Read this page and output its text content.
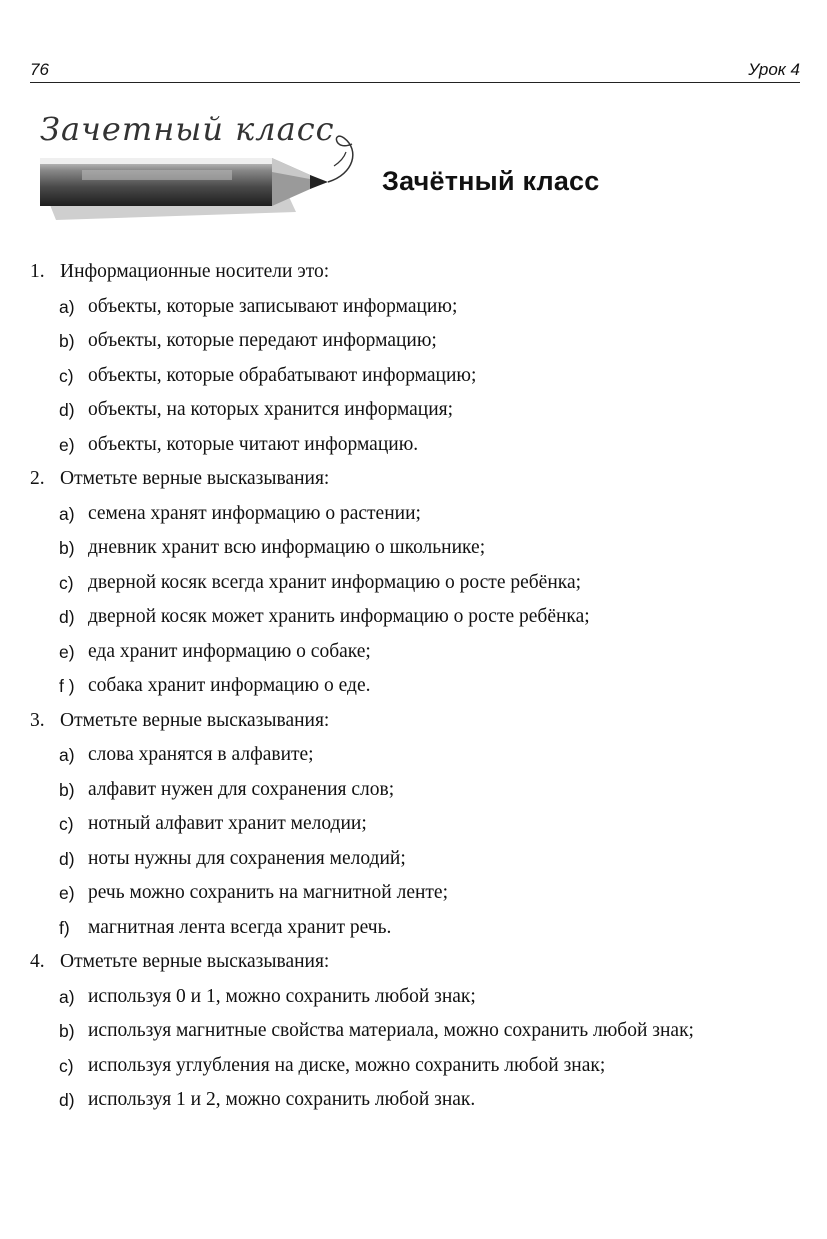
76	Урок 4
Зачетный класс
Зачётный класс
1. Информационные носители это:
a) объекты, которые записывают информацию;
b) объекты, которые передают информацию;
c) объекты, которые обрабатывают информацию;
d) объекты, на которых хранится информация;
e) объекты, которые читают информацию.
2. Отметьте верные высказывания:
a) семена хранят информацию о растении;
b) дневник хранит всю информацию о школьнике;
c) дверной косяк всегда хранит информацию о росте ребёнка;
d) дверной косяк может хранить информацию о росте ребёнка;
e) еда хранит информацию о собаке;
f ) собака хранит информацию о еде.
3. Отметьте верные высказывания:
a) слова хранятся в алфавите;
b) алфавит нужен для сохранения слов;
c) нотный алфавит хранит мелодии;
d) ноты нужны для сохранения мелодий;
e) речь можно сохранить на магнитной ленте;
f) магнитная лента всегда хранит речь.
4. Отметьте верные высказывания:
a) используя 0 и 1, можно сохранить любой знак;
b) используя магнитные свойства материала, можно сохранить любой знак;
c) используя углубления на диске, можно сохранить любой знак;
d) используя 1 и 2, можно сохранить любой знак.
